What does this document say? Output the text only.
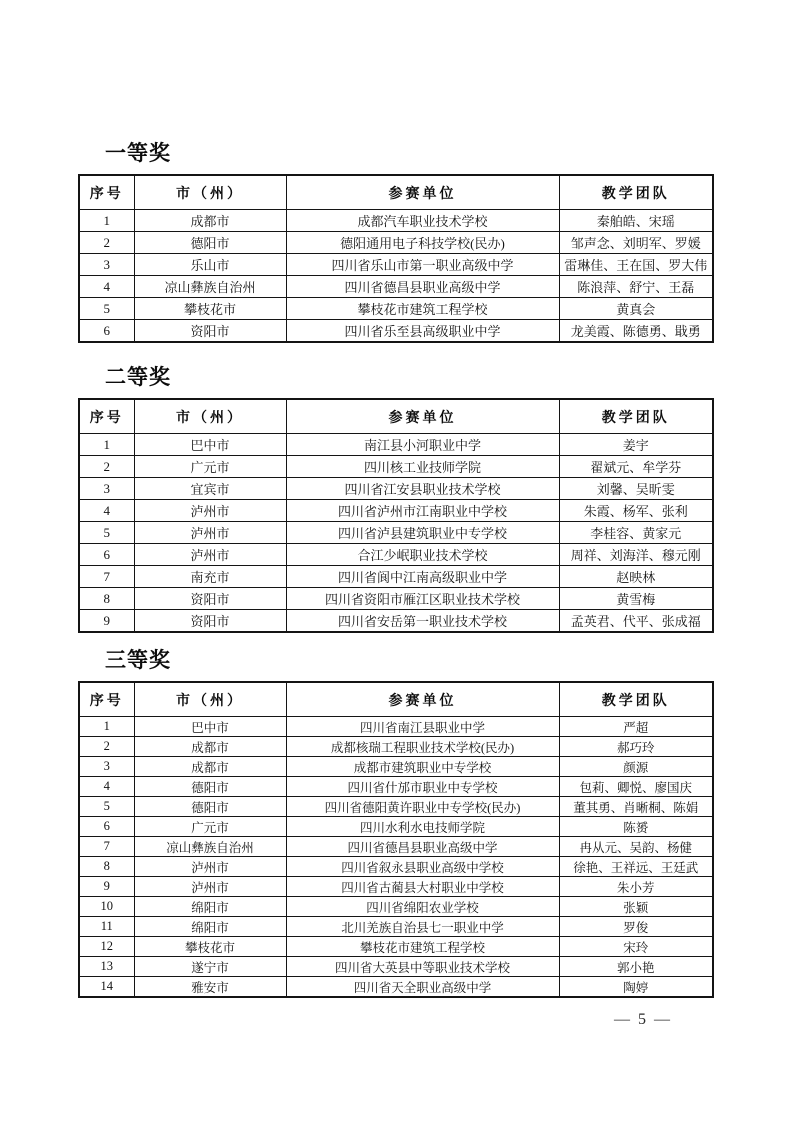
一等奖
序号	市（州）	参赛单位	教学团队
1	成都市	成都汽车职业技术学校	秦舶皓、宋瑶
2	德阳市	德阳通用电子科技学校(民办)	邹声念、刘明军、罗媛
3	乐山市	四川省乐山市第一职业高级中学	雷琳佳、王在国、罗大伟
4	凉山彝族自治州	四川省德昌县职业高级中学	陈浪萍、舒宁、王磊
5	攀枝花市	攀枝花市建筑工程学校	黄真会
6	资阳市	四川省乐至县高级职业中学	龙美霞、陈德勇、戢勇
二等奖
序号	市（州）	参赛单位	教学团队
1	巴中市	南江县小河职业中学	姜宇
2	广元市	四川核工业技师学院	翟斌元、牟学芬
3	宜宾市	四川省江安县职业技术学校	刘馨、吴昕雯
4	泸州市	四川省泸州市江南职业中学校	朱霞、杨军、张利
5	泸州市	四川省泸县建筑职业中专学校	李桂容、黄家元
6	泸州市	合江少岷职业技术学校	周祥、刘海洋、穆元刚
7	南充市	四川省阆中江南高级职业中学	赵映林
8	资阳市	四川省资阳市雁江区职业技术学校	黄雪梅
9	资阳市	四川省安岳第一职业技术学校	孟英君、代平、张成福
三等奖
序号	市（州）	参赛单位	教学团队
1	巴中市	四川省南江县职业中学	严超
2	成都市	成都核瑞工程职业技术学校(民办)	郝巧玲
3	成都市	成都市建筑职业中专学校	颜源
4	德阳市	四川省什邡市职业中专学校	包莉、卿悦、廖国庆
5	德阳市	四川省德阳黄许职业中专学校(民办)	董其勇、肖晰桐、陈娟
6	广元市	四川水利水电技师学院	陈赟
7	凉山彝族自治州	四川省德昌县职业高级中学	冉从元、吴韵、杨健
8	泸州市	四川省叙永县职业高级中学校	徐艳、王祥远、王廷武
9	泸州市	四川省古蔺县大村职业中学校	朱小芳
10	绵阳市	四川省绵阳农业学校	张颖
11	绵阳市	北川羌族自治县七一职业中学	罗俊
12	攀枝花市	攀枝花市建筑工程学校	宋玲
13	遂宁市	四川省大英县中等职业技术学校	郭小艳
14	雅安市	四川省天全职业高级中学	陶婷
— 5 —
